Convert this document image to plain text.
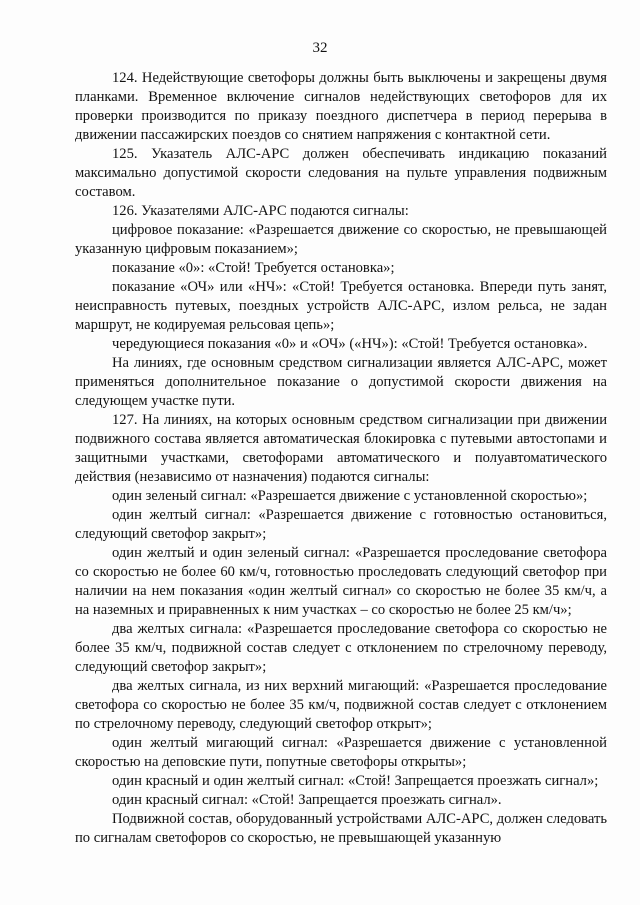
32

124. Недействующие светофоры должны быть выключены и закрещены двумя планками. Временное включение сигналов недействующих светофоров для их проверки производится по приказу поездного диспетчера в период перерыва в движении пассажирских поездов со снятием напряжения с контактной сети.

125. Указатель АЛС-АРС должен обеспечивать индикацию показаний максимально допустимой скорости следования на пульте управления подвижным составом.

126. Указателями АЛС-АРС подаются сигналы:

цифровое показание: «Разрешается движение со скоростью, не превышающей указанную цифровым показанием»;

показание «0»: «Стой! Требуется остановка»;

показание «ОЧ» или «НЧ»: «Стой! Требуется остановка. Впереди путь занят, неисправность путевых, поездных устройств АЛС-АРС, излом рельса, не задан маршрут, не кодируемая рельсовая цепь»;

чередующиеся показания «0» и «ОЧ» («НЧ»): «Стой! Требуется остановка».

На линиях, где основным средством сигнализации является АЛС-АРС, может применяться дополнительное показание о допустимой скорости движения на следующем участке пути.

127. На линиях, на которых основным средством сигнализации при движении подвижного состава является автоматическая блокировка с путевыми автостопами и защитными участками, светофорами автоматического и полуавтоматического действия (независимо от назначения) подаются сигналы:

один зеленый сигнал: «Разрешается движение с установленной скоростью»;

один желтый сигнал: «Разрешается движение с готовностью остановиться, следующий светофор закрыт»;

один желтый и один зеленый сигнал: «Разрешается проследование светофора со скоростью не более 60 км/ч, готовностью проследовать следующий светофор при наличии на нем показания «один желтый сигнал» со скоростью не более 35 км/ч, а на наземных и приравненных к ним участках – со скоростью не более 25 км/ч»;

два желтых сигнала: «Разрешается проследование светофора со скоростью не более 35 км/ч, подвижной состав следует с отклонением по стрелочному переводу, следующий светофор закрыт»;

два желтых сигнала, из них верхний мигающий: «Разрешается проследование светофора со скоростью не более 35 км/ч, подвижной состав следует с отклонением по стрелочному переводу, следующий светофор открыт»;

один желтый мигающий сигнал: «Разрешается движение с установленной скоростью на деповские пути, попутные светофоры открыты»;

один красный и один желтый сигнал: «Стой! Запрещается проезжать сигнал»;

один красный сигнал: «Стой! Запрещается проезжать сигнал».

Подвижной состав, оборудованный устройствами АЛС-АРС, должен следовать по сигналам светофоров со скоростью, не превышающей указанную
